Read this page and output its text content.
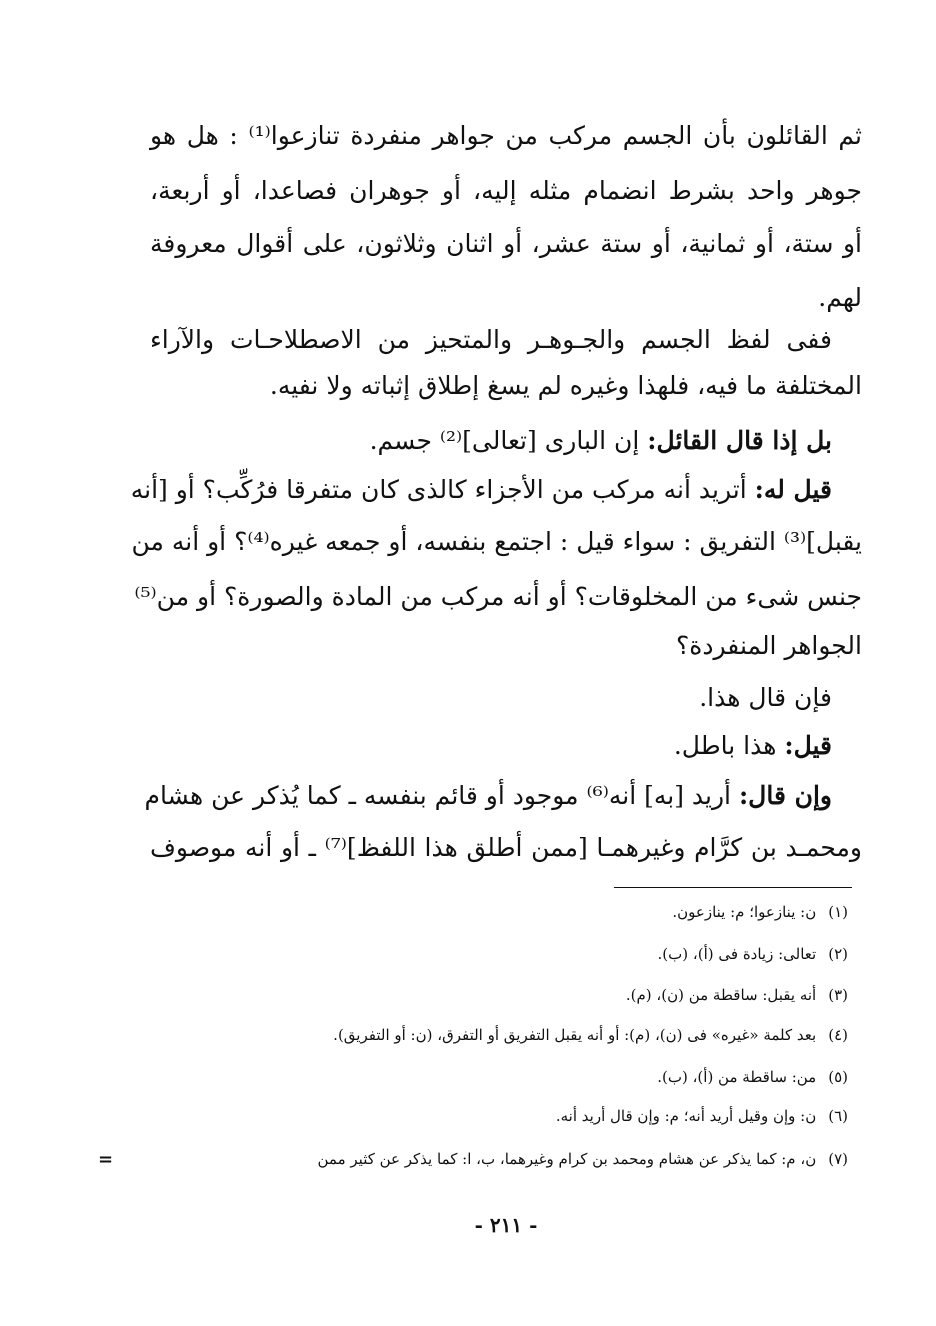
ثم القائلون بأن الجسم مركب من جواهر منفردة تنازعوا⁽¹⁾ : هل هو
جوهر واحد بشرط انضمام مثله إليه، أو جوهران فصاعدا، أو أربعة،
أو ستة، أو ثمانية، أو ستة عشر، أو اثنان وثلاثون، على أقوال معروفة
لهم.
ففى لفظ الجسم والجـوهـر والمتحيز من الاصطلاحـات والآراء
المختلفة ما فيه، فلهذا وغيره لم يسغ إطلاق إثباته ولا نفيه.
بل إذا قال القائل: إن البارى [تعالى]⁽²⁾ جسم.
قيل له: أتريد أنه مركب من الأجزاء كالذى كان متفرقا فرُكِّب؟ أو [أنه
يقبل]⁽³⁾ التفريق : سواء قيل : اجتمع بنفسه، أو جمعه غيره⁽⁴⁾؟ أو أنه من
جنس شىء من المخلوقات؟ أو أنه مركب من المادة والصورة؟ أو من⁽⁵⁾
الجواهر المنفردة؟
فإن قال هذا.
قيل: هذا باطل.
وإن قال: أريد [به] أنه⁽⁶⁾ موجود أو قائم بنفسه ـ كما يُذكر عن هشام
ومحمـد بن كرَّام وغيرهمـا [ممن أطلق هذا اللفظ]⁽⁷⁾ ـ أو أنه موصوف
(١)ن: ينازعوا؛ م: ينازعون.
(٢)تعالى: زيادة فى (أ)، (ب).
(٣)أنه يقبل: ساقطة من (ن)، (م).
(٤)بعد كلمة «غيره» فى (ن)، (م): أو أنه يقبل التفريق أو التفرق، (ن: أو التفريق).
(٥)من: ساقطة من (أ)، (ب).
(٦)ن: وإن وقيل أريد أنه؛ م: وإن قال أريد أنه.
(٧)ن، م: كما يذكر عن هشام ومحمد بن كرام وغيرهما، ب، ا: كما يذكر عن كثير ممن
=
- ٢١١ -
